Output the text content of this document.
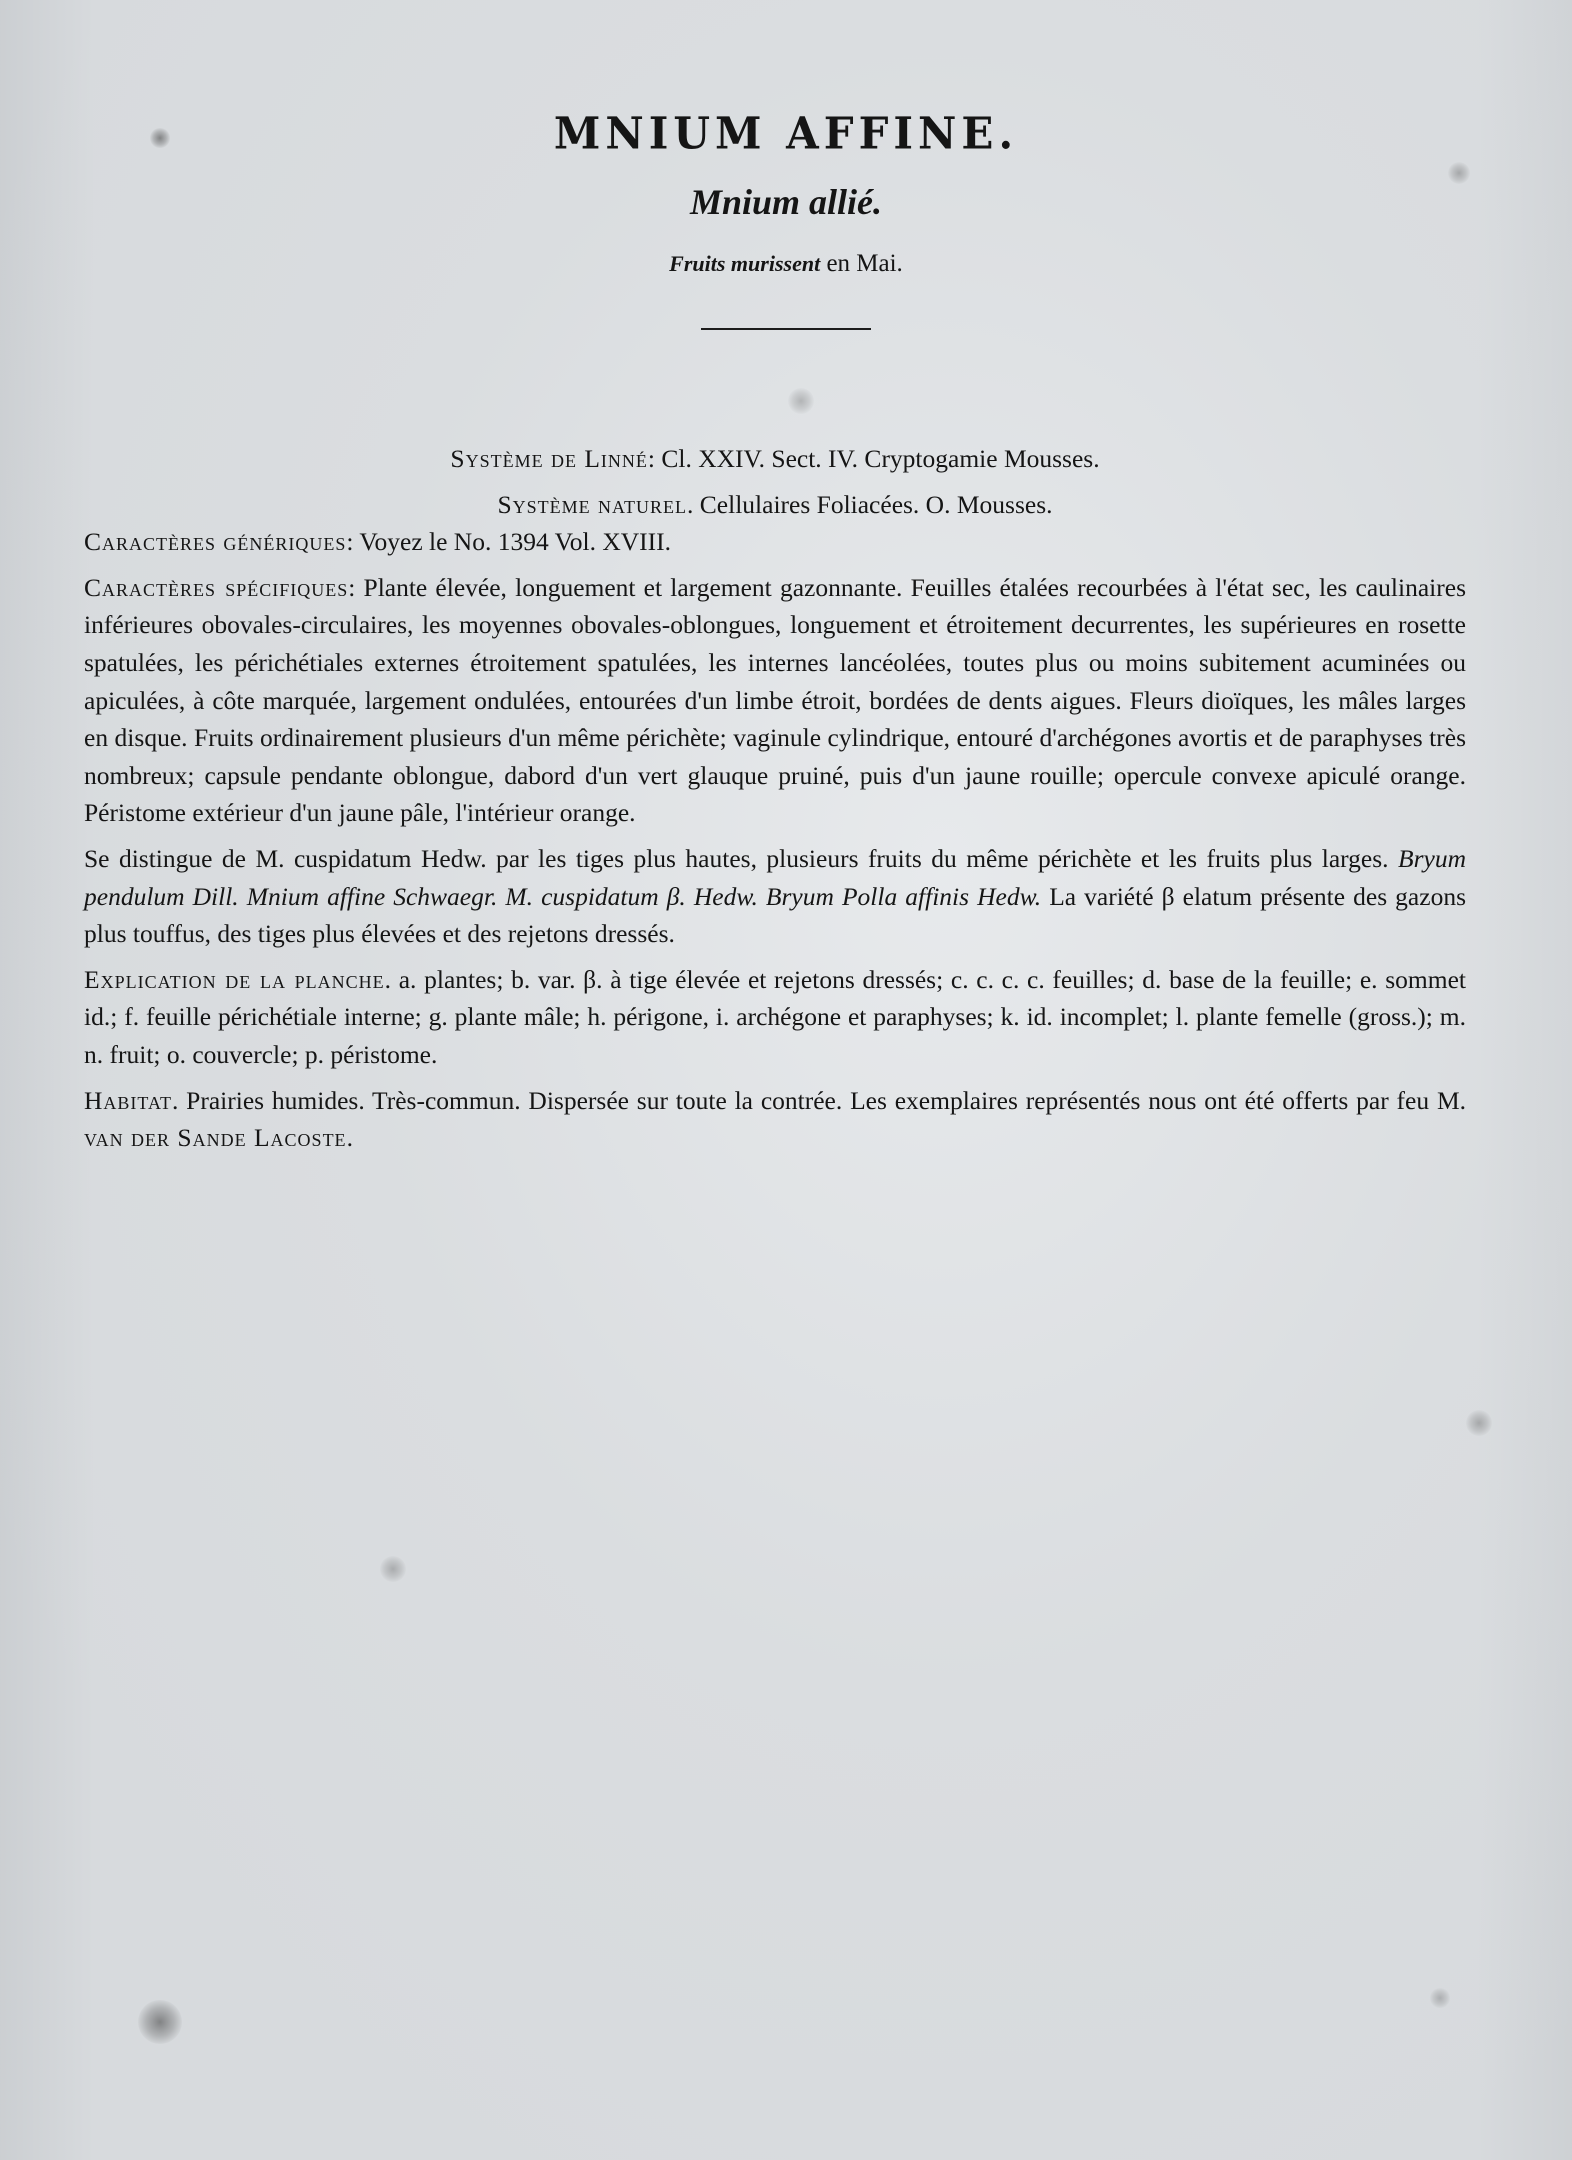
MNIUM AFFINE.
Mnium allié.
Fruits murissent en Mai.

Système de Linné: Cl. XXIV. Sect. IV. Cryptogamie Mousses.

Système naturel. Cellulaires Foliacées. O. Mousses.

Caractères génériques: Voyez le No. 1394 Vol. XVIII.

Caractères spécifiques: Plante élevée, longuement et largement gazonnante. Feuilles étalées recourbées à l'état sec, les caulinaires inférieures obovales-circulaires, les moyennes obovales-oblongues, longuement et étroitement decurrentes, les supérieures en rosette spatulées, les périchétiales externes étroitement spatulées, les internes lancéolées, toutes plus ou moins subitement acuminées ou apiculées, à côte marquée, largement ondulées, entourées d'un limbe étroit, bordées de dents aigues. Fleurs dioïques, les mâles larges en disque. Fruits ordinairement plusieurs d'un même périchète; vaginule cylindrique, entouré d'archégones avortis et de paraphyses très nombreux; capsule pendante oblongue, dabord d'un vert glauque pruiné, puis d'un jaune rouille; opercule convexe apiculé orange. Péristome extérieur d'un jaune pâle, l'intérieur orange.

Se distingue de M. cuspidatum Hedw. par les tiges plus hautes, plusieurs fruits du même périchète et les fruits plus larges. Bryum pendulum Dill. Mnium affine Schwaegr. M. cuspidatum β. Hedw. Bryum Polla affinis Hedw. La variété β elatum présente des gazons plus touffus, des tiges plus élevées et des rejetons dressés.

Explication de la planche. a. plantes; b. var. β. à tige élevée et rejetons dressés; c. c. c. c. feuilles; d. base de la feuille; e. sommet id.; f. feuille périchétiale interne; g. plante mâle; h. périgone, i. archégone et paraphyses; k. id. incomplet; l. plante femelle (gross.); m. n. fruit; o. couvercle; p. péristome.

Habitat. Prairies humides. Très-commun. Dispersée sur toute la contrée. Les exemplaires représentés nous ont été offerts par feu M. van der Sande Lacoste.
